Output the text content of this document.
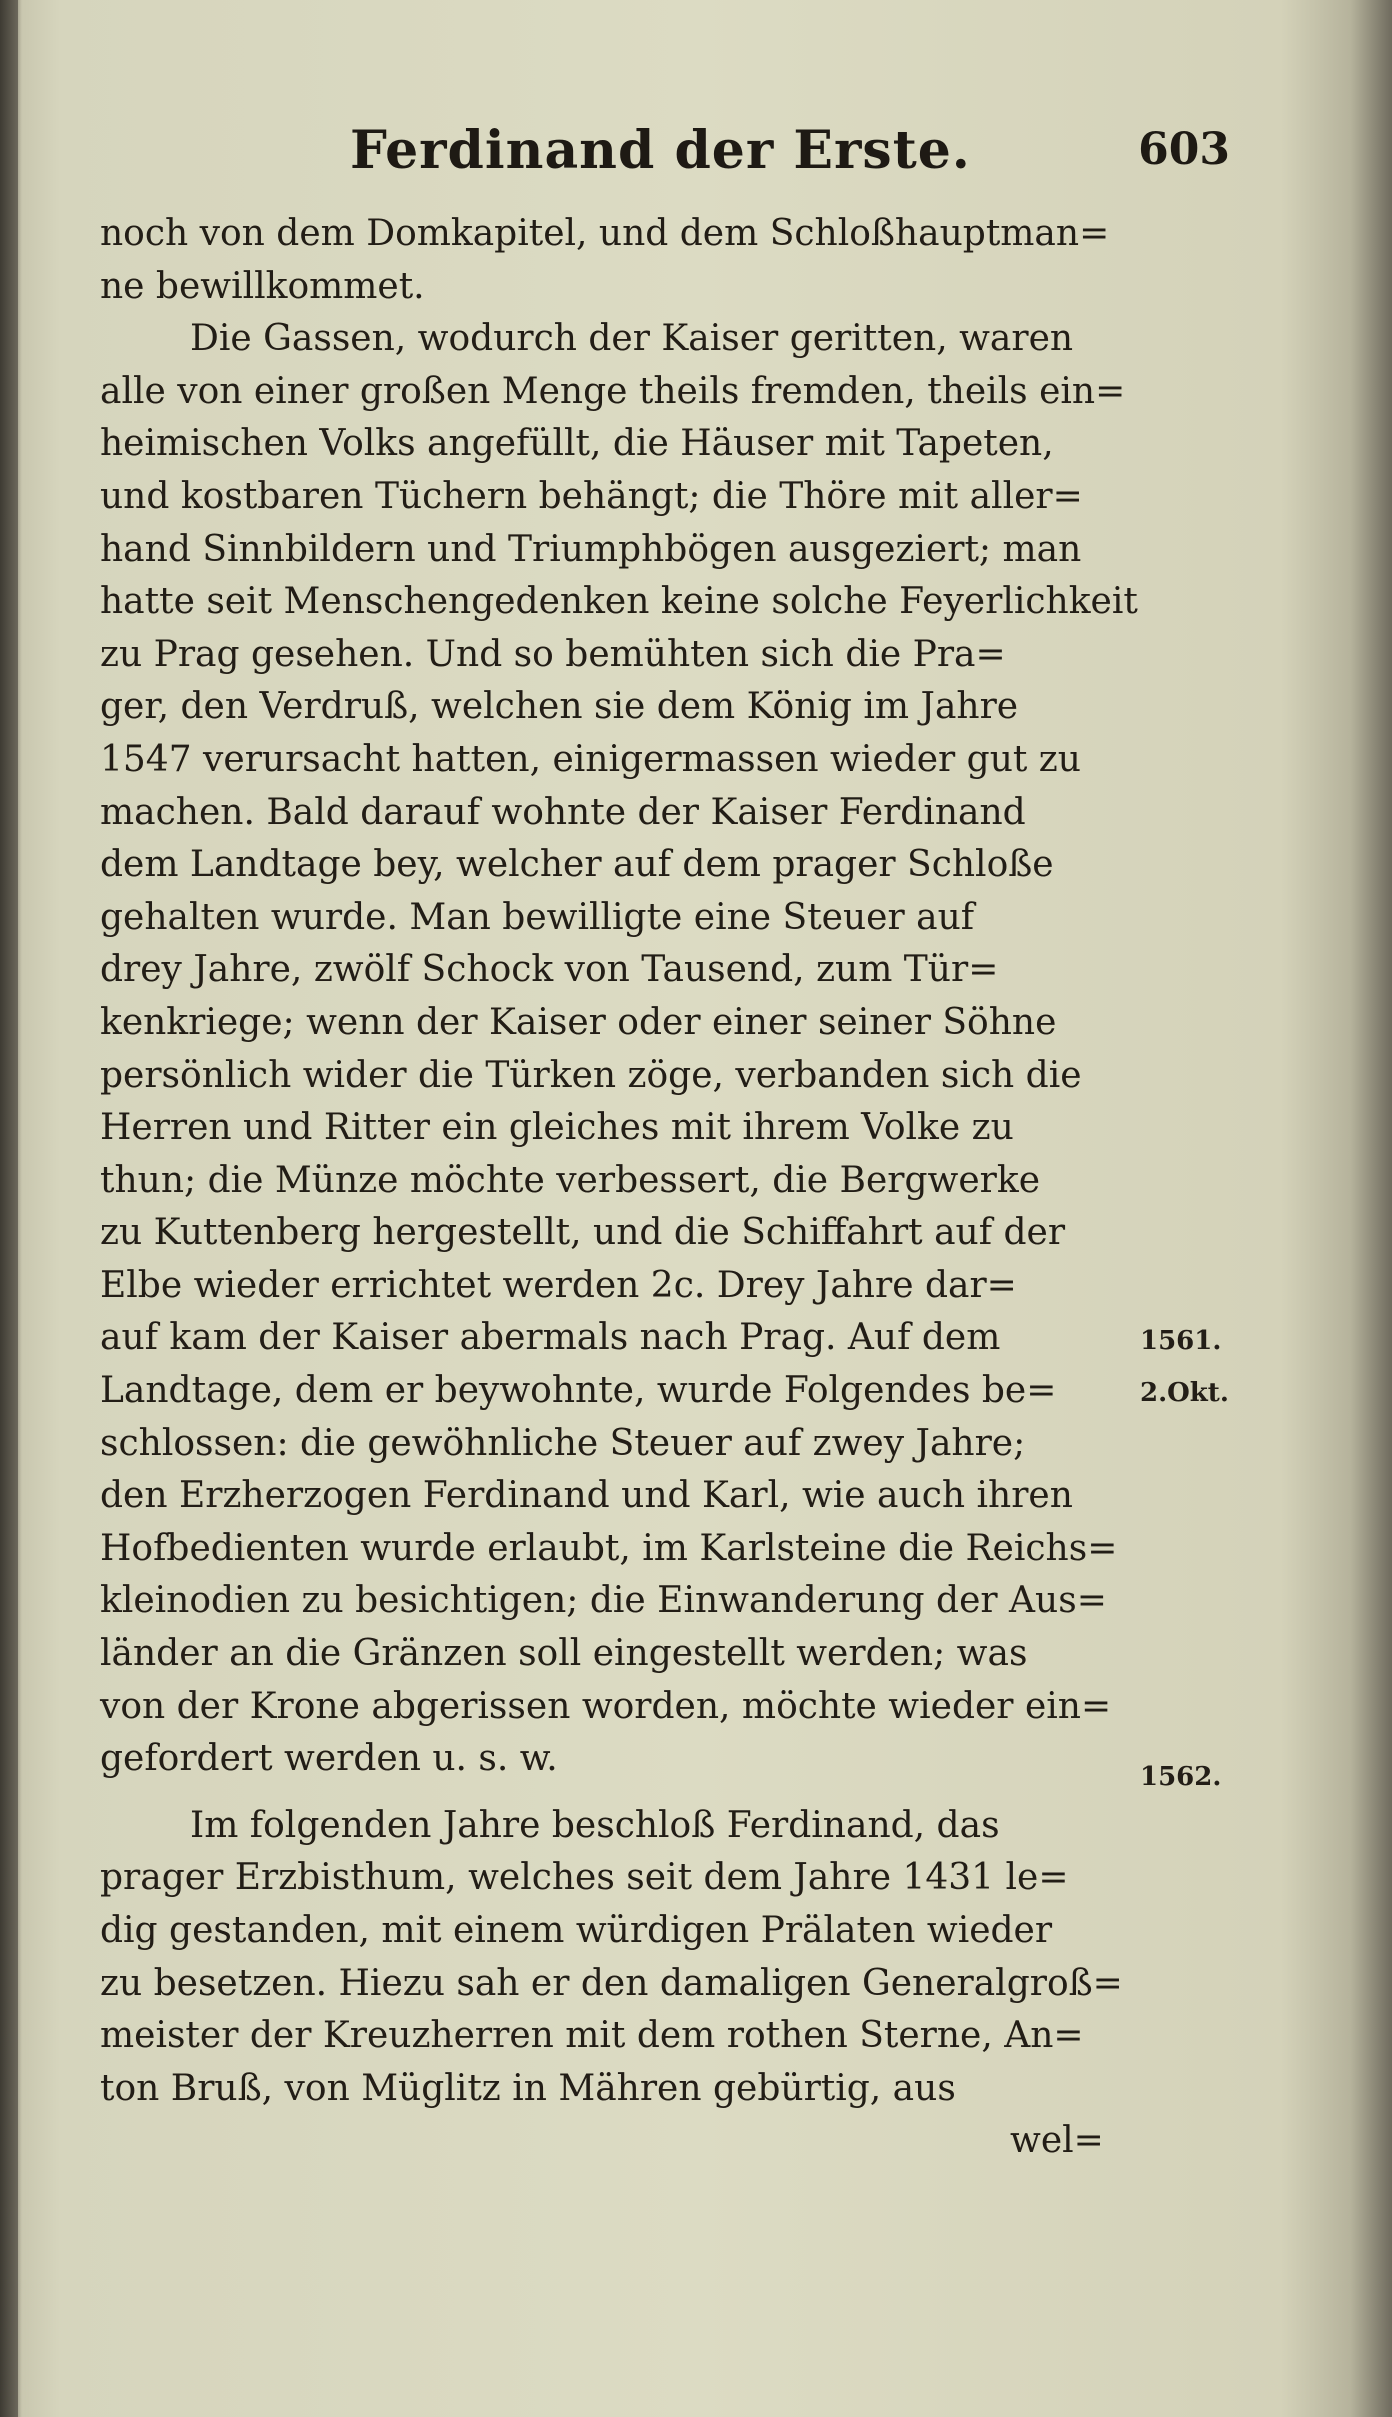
Ferdinand der Erste.	603
noch von dem Domkapitel, und dem Schloßhauptman=
ne bewillkommet.
Die Gassen, wodurch der Kaiser geritten, waren
alle von einer großen Menge theils fremden, theils ein=
heimischen Volks angefüllt, die Häuser mit Tapeten,
und kostbaren Tüchern behängt; die Thöre mit aller=
hand Sinnbildern und Triumphbögen ausgeziert; man
hatte seit Menschengedenken keine solche Feyerlichkeit
zu Prag gesehen. Und so bemühten sich die Pra=
ger, den Verdruß, welchen sie dem König im Jahre
1547 verursacht hatten, einigermassen wieder gut zu
machen. Bald darauf wohnte der Kaiser Ferdinand
dem Landtage bey, welcher auf dem prager Schloße
gehalten wurde. Man bewilligte eine Steuer auf
drey Jahre, zwölf Schock von Tausend, zum Tür=
kenkriege; wenn der Kaiser oder einer seiner Söhne
persönlich wider die Türken zöge, verbanden sich die
Herren und Ritter ein gleiches mit ihrem Volke zu
thun; die Münze möchte verbessert, die Bergwerke
zu Kuttenberg hergestellt, und die Schiffahrt auf der
Elbe wieder errichtet werden 2c. Drey Jahre dar=
auf kam der Kaiser abermals nach Prag. Auf dem
Landtage, dem er beywohnte, wurde Folgendes be=
schlossen: die gewöhnliche Steuer auf zwey Jahre;
den Erzherzogen Ferdinand und Karl, wie auch ihren
Hofbedienten wurde erlaubt, im Karlsteine die Reichs=
kleinodien zu besichtigen; die Einwanderung der Aus=
länder an die Gränzen soll eingestellt werden; was
von der Krone abgerissen worden, möchte wieder ein=
gefordert werden u. s. w.
Im folgenden Jahre beschloß Ferdinand, das
prager Erzbisthum, welches seit dem Jahre 1431 le=
dig gestanden, mit einem würdigen Prälaten wieder
zu besetzen. Hiezu sah er den damaligen Generalgroß=
meister der Kreuzherren mit dem rothen Sterne, An=
ton Bruß, von Müglitz in Mähren gebürtig, aus
wel=
1561.
2.Okt.
1562.
